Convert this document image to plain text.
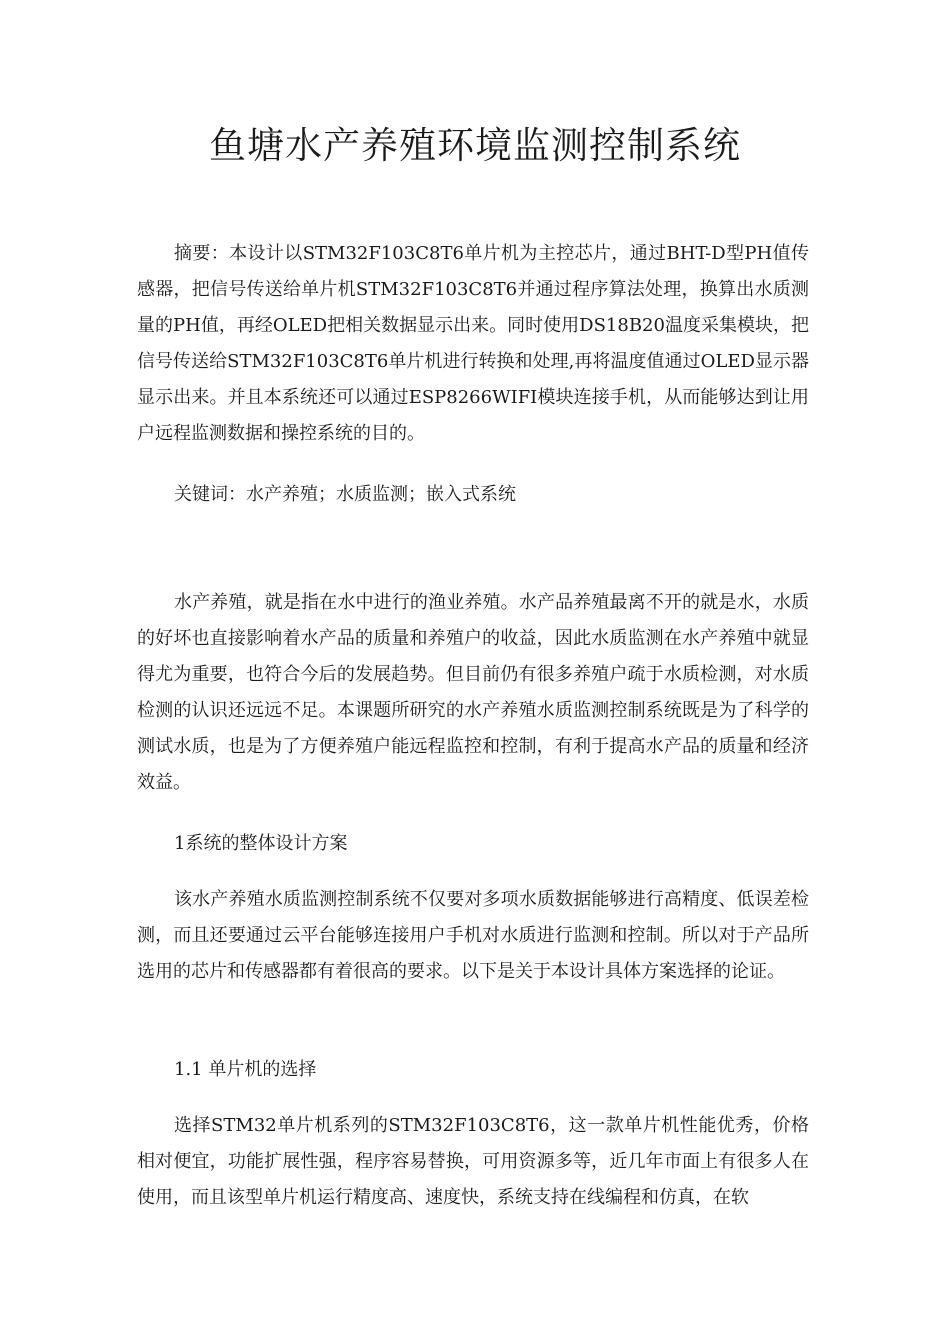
鱼塘水产养殖环境监测控制系统

摘要：本设计以STM32F103C8T6单片机为主控芯片，通过BHT-D型PH值传感器，把信号传送给单片机STM32F103C8T6并通过程序算法处理，换算出水质测量的PH值，再经OLED把相关数据显示出来。同时使用DS18B20温度采集模块，把信号传送给STM32F103C8T6单片机进行转换和处理,再将温度值通过OLED显示器显示出来。并且本系统还可以通过ESP8266WIFI模块连接手机，从而能够达到让用户远程监测数据和操控系统的目的。

关键词：水产养殖；水质监测；嵌入式系统

水产养殖，就是指在水中进行的渔业养殖。水产品养殖最离不开的就是水，水质的好坏也直接影响着水产品的质量和养殖户的收益，因此水质监测在水产养殖中就显得尤为重要，也符合今后的发展趋势。但目前仍有很多养殖户疏于水质检测，对水质检测的认识还远远不足。本课题所研究的水产养殖水质监测控制系统既是为了科学的测试水质，也是为了方便养殖户能远程监控和控制，有利于提高水产品的质量和经济效益。

1系统的整体设计方案

该水产养殖水质监测控制系统不仅要对多项水质数据能够进行高精度、低误差检测，而且还要通过云平台能够连接用户手机对水质进行监测和控制。所以对于产品所选用的芯片和传感器都有着很高的要求。以下是关于本设计具体方案选择的论证。

1.1 单片机的选择

选择STM32单片机系列的STM32F103C8T6，这一款单片机性能优秀，价格相对便宜，功能扩展性强，程序容易替换，可用资源多等，近几年市面上有很多人在使用，而且该型单片机运行精度高、速度快，系统支持在线编程和仿真，在软
